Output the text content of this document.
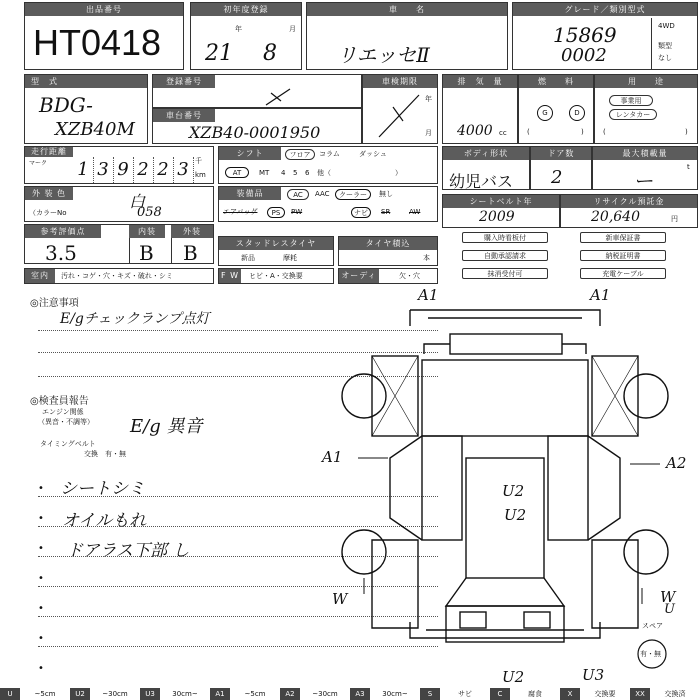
出品番号
HT0418
初年度登録
年	月
21 8
車　　名
リエッセⅡ
グレード／類別型式
15869
0002
4WD
類型
なし
型　式
BDG-
XZB40M
登録番号	車検期限
年
月
車台番号
XZB40-0001950
排　気　量
4000 cc
燃　　料
G	D
(	)
用　　途
事業用
レンタカー
(	)
走行距離
マーク 1 3 9 2 2 3 千
km
シフト	フロア	コラム	ダッシュ
AT	MT 4 5 6 他（	）
ボディ形状
幼児バス
ドア数
2
最大積載量
ー
t
外 装 色
（カラーNo
白
058
装備品	AC	AAC	クーラー	無し
エアバッグ	PS	PW	ナビ	SR	AW
シートベルト年
2009
リサイクル預託金
20,640	円
参考評価点
3.5
内装
B
外装
B	スタッドレスタイヤ
新品	摩耗
タイヤ積込
本
購入時看板付	新車保証書
自動承認請求	納税証明書
抹消受付可	充電ケーブル
室内	汚れ・コゲ・穴・キズ・破れ・シミ	F W ヒビ・A・交換要	オーディオ
欠・穴
◎注意事項
E/gチェックランプ点灯
◎検査員報告
エンジン関係
（異音・不調等） E/g 異音
タイミングベルト
交換　有・無
• シートシミ
• オイルもれ
• ドアラス下部 し
•
•
•
•
A1	A1
A1	A2
U2
U2
W	W
U2	U3
U
スペア
有・無
U	~5cm	U2	~30cm	U3	30cm~	A1	~5cm	A2	~30cm	A3	30cm~	S	サビ	C	腐食	X	交換要	XX	交換済
